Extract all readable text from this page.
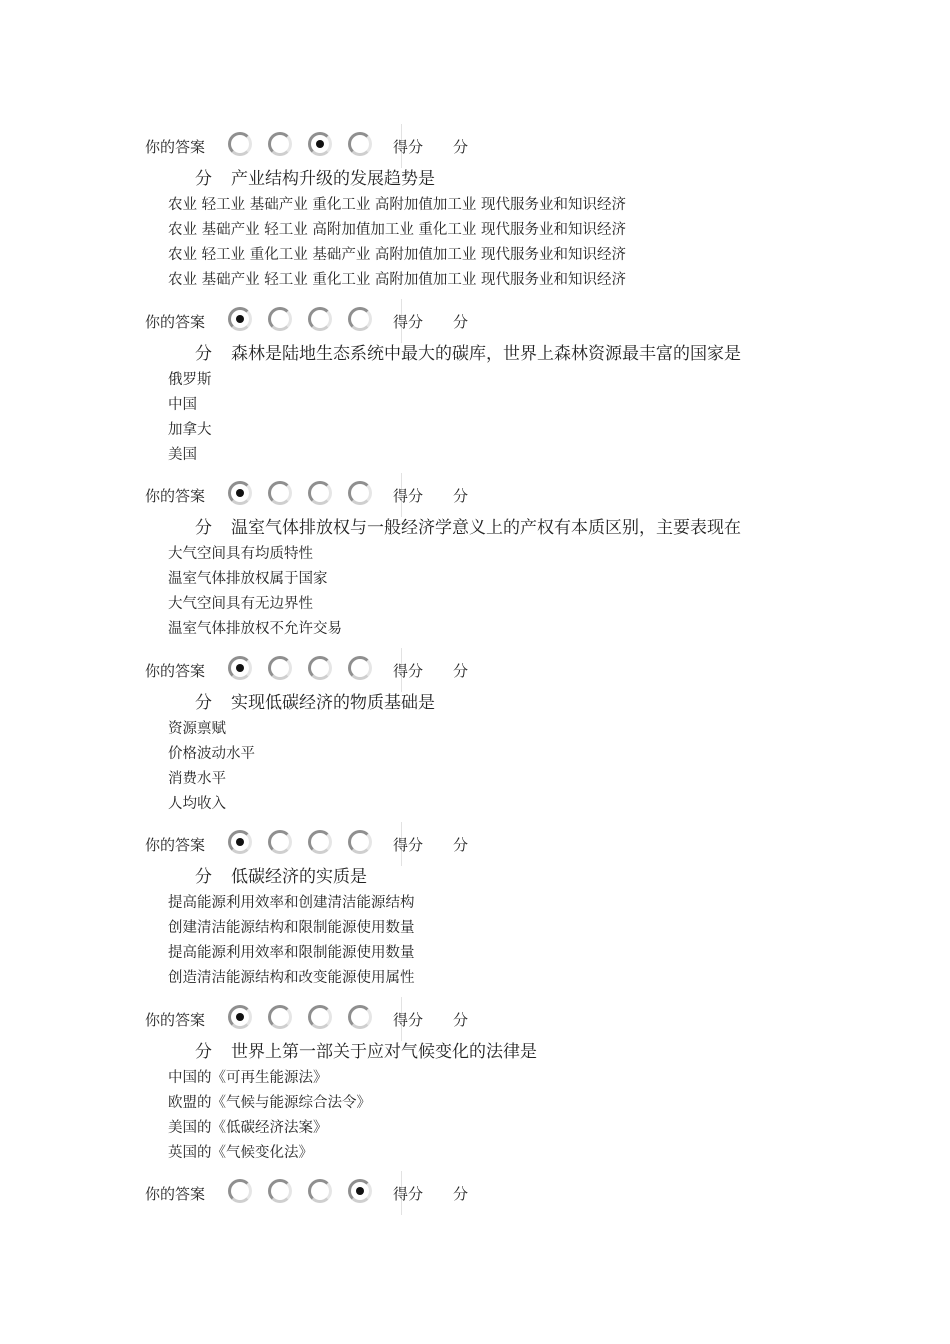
你的答案	得分 分
你的答案	得分 分
你的答案	得分 分
你的答案	得分 分
你的答案	得分 分
你的答案	得分 分
你的答案	得分 分
分 产业结构升级的发展趋势是
农业 轻工业 基础产业 重化工业 高附加值加工业 现代服务业和知识经济
农业 基础产业 轻工业 高附加值加工业 重化工业 现代服务业和知识经济
农业 轻工业 重化工业 基础产业 高附加值加工业 现代服务业和知识经济
农业 基础产业 轻工业 重化工业 高附加值加工业 现代服务业和知识经济
分 森林是陆地生态系统中最大的碳库，世界上森林资源最丰富的国家是
俄罗斯
中国
加拿大
美国
分 温室气体排放权与一般经济学意义上的产权有本质区别，主要表现在
大气空间具有均质特性
温室气体排放权属于国家
大气空间具有无边界性
温室气体排放权不允许交易
分 实现低碳经济的物质基础是
资源禀赋
价格波动水平
消费水平
人均收入
分 低碳经济的实质是
提高能源利用效率和创建清洁能源结构
创建清洁能源结构和限制能源使用数量
提高能源利用效率和限制能源使用数量
创造清洁能源结构和改变能源使用属性
分 世界上第一部关于应对气候变化的法律是
中国的《可再生能源法》
欧盟的《气候与能源综合法令》
美国的《低碳经济法案》
英国的《气候变化法》
